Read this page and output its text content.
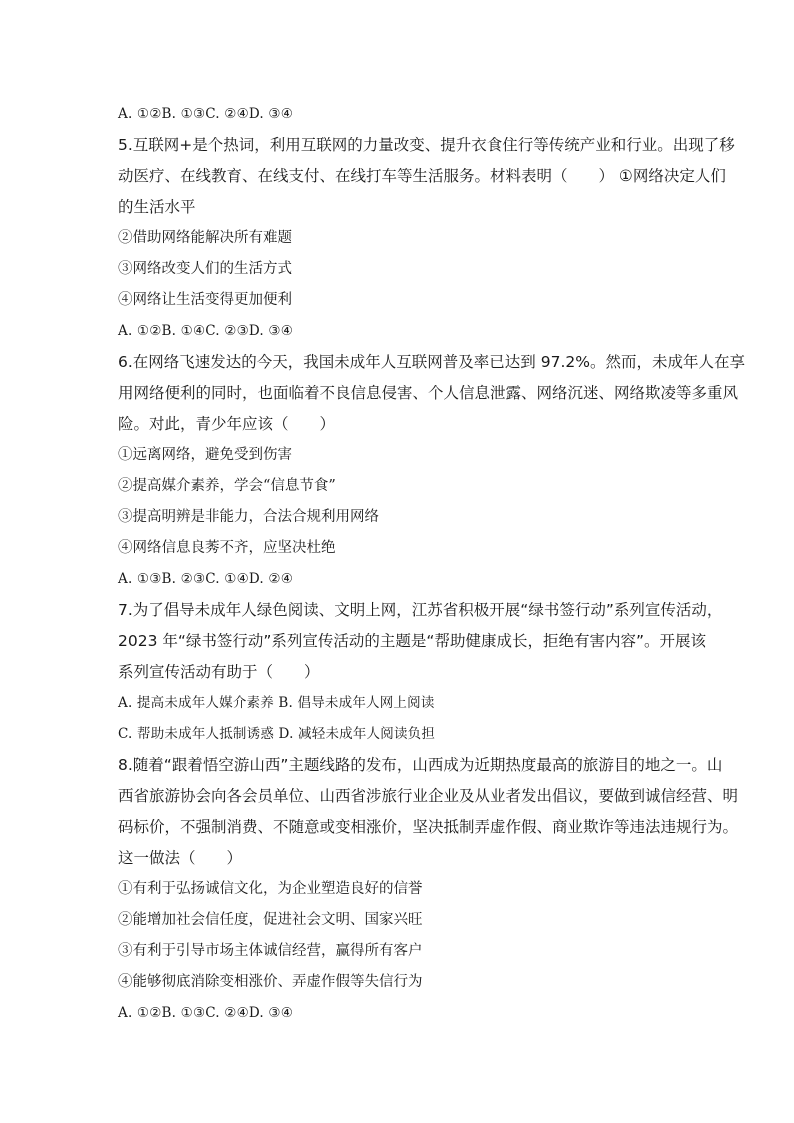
A. ①②B. ①③C. ②④D. ③④
5.互联网+是个热词，利用互联网的力量改变、提升衣食住行等传统产业和行业。出现了移
动医疗、在线教育、在线支付、在线打车等生活服务。材料表明（　　） ①网络决定人们
的生活水平
②借助网络能解决所有难题
③网络改变人们的生活方式
④网络让生活变得更加便利
A. ①②B. ①④C. ②③D. ③④
6.在网络飞速发达的今天，我国未成年人互联网普及率已达到 97.2%。然而，未成年人在享
用网络便利的同时，也面临着不良信息侵害、个人信息泄露、网络沉迷、网络欺凌等多重风
险。对此，青少年应该（　　）
①远离网络，避免受到伤害
②提高媒介素养，学会“信息节食”
③提高明辨是非能力，合法合规利用网络
④网络信息良莠不齐，应坚决杜绝
A. ①③B. ②③C. ①④D. ②④
7.为了倡导未成年人绿色阅读、文明上网，江苏省积极开展“绿书签行动”系列宣传活动，
2023 年“绿书签行动”系列宣传活动的主题是“帮助健康成长，拒绝有害内容”。开展该
系列宣传活动有助于（　　）
A. 提高未成年人媒介素养 B. 倡导未成年人网上阅读
C. 帮助未成年人抵制诱惑 D. 减轻未成年人阅读负担
8.随着“跟着悟空游山西”主题线路的发布，山西成为近期热度最高的旅游目的地之一。山
西省旅游协会向各会员单位、山西省涉旅行业企业及从业者发出倡议，要做到诚信经营、明
码标价，不强制消费、不随意或变相涨价，坚决抵制弄虚作假、商业欺诈等违法违规行为。
这一做法（　　）
①有利于弘扬诚信文化，为企业塑造良好的信誉
②能增加社会信任度，促进社会文明、国家兴旺
③有利于引导市场主体诚信经营，赢得所有客户
④能够彻底消除变相涨价、弄虚作假等失信行为
A. ①②B. ①③C. ②④D. ③④
